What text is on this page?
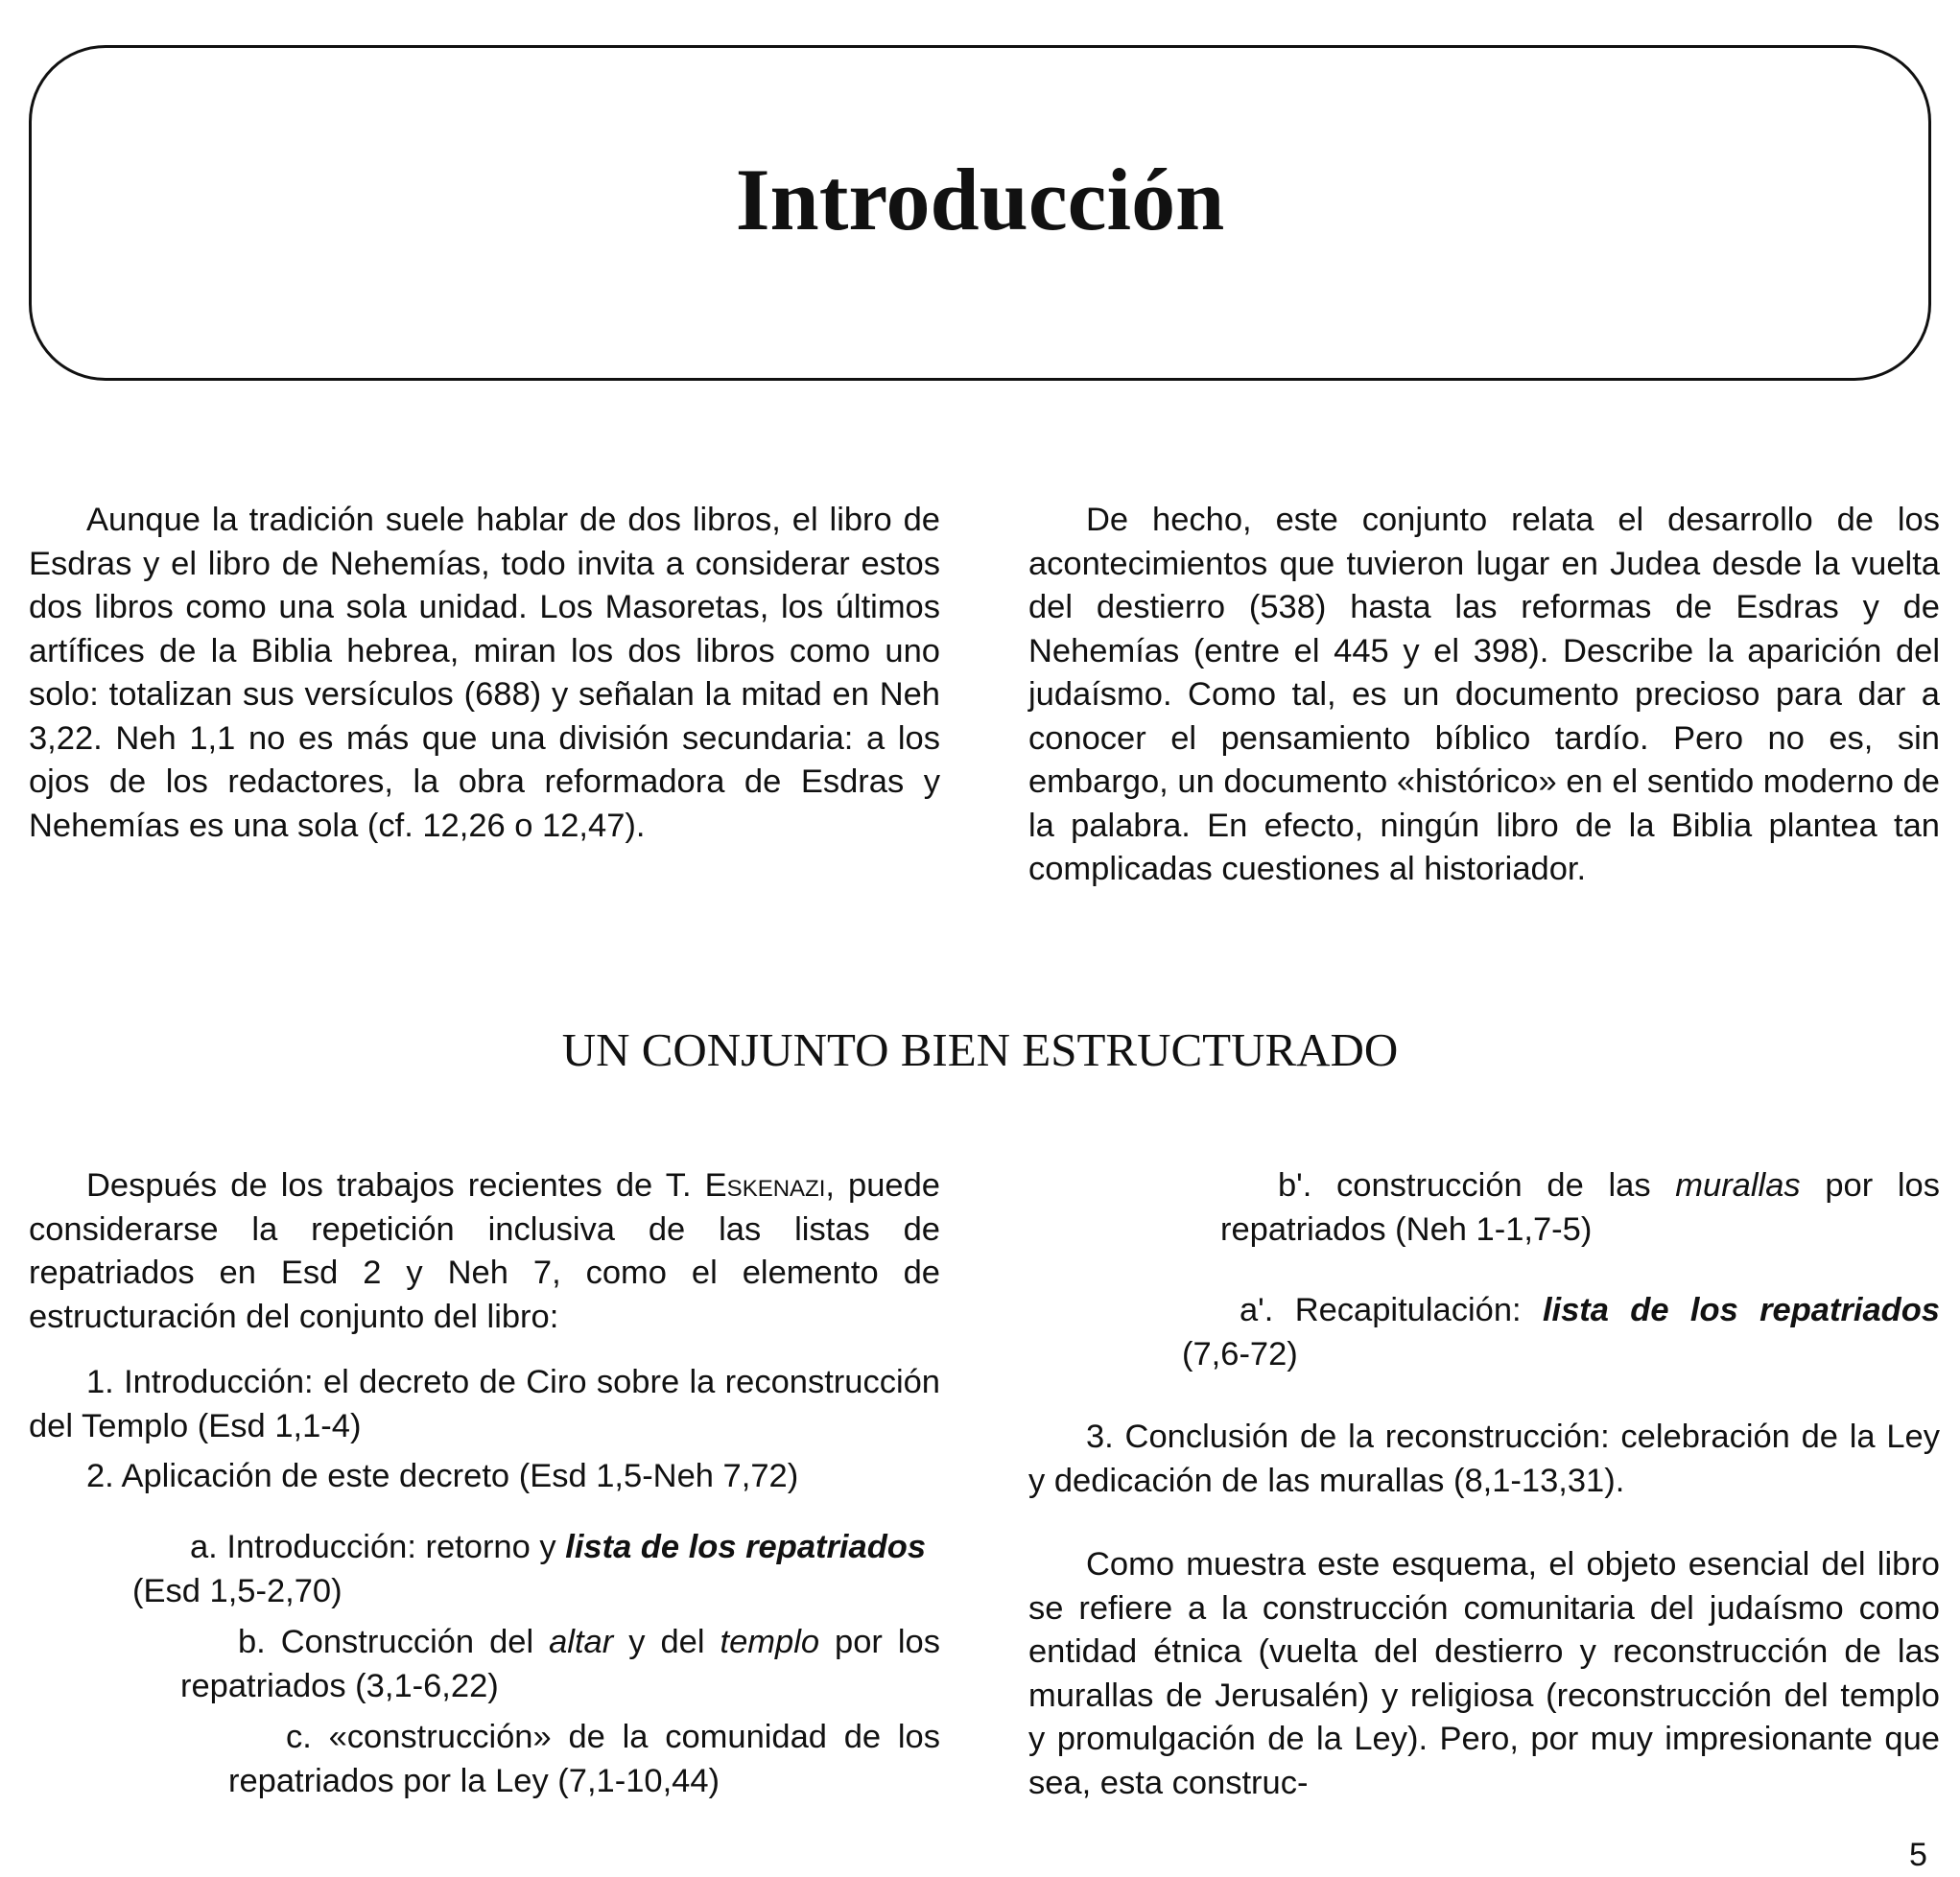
Introducción

Aunque la tradición suele hablar de dos libros, el libro de Esdras y el libro de Nehemías, todo invita a considerar estos dos libros como una sola unidad. Los Masoretas, los últimos artífices de la Biblia hebrea, miran los dos libros como uno solo: totalizan sus versículos (688) y señalan la mitad en Neh 3,22. Neh 1,1 no es más que una división secundaria: a los ojos de los redactores, la obra reformadora de Esdras y Nehemías es una sola (cf. 12,26 o 12,47).

De hecho, este conjunto relata el desarrollo de los acontecimientos que tuvieron lugar en Judea desde la vuelta del destierro (538) hasta las reformas de Esdras y de Nehemías (entre el 445 y el 398). Describe la aparición del judaísmo. Como tal, es un documento precioso para dar a conocer el pensamiento bíblico tardío. Pero no es, sin embargo, un documento «histórico» en el sentido moderno de la palabra. En efecto, ningún libro de la Biblia plantea tan complicadas cuestiones al historiador.

UN CONJUNTO BIEN ESTRUCTURADO

Después de los trabajos recientes de T. Eskenazi, puede considerarse la repetición inclusiva de las listas de repatriados en Esd 2 y Neh 7, como el elemento de estructuración del conjunto del libro:

1. Introducción: el decreto de Ciro sobre la reconstrucción del Templo (Esd 1,1-4)

2. Aplicación de este decreto (Esd 1,5-Neh 7,72)

a. Introducción: retorno y lista de los repatriados (Esd 1,5-2,70)

b. Construcción del altar y del templo por los repatriados (3,1-6,22)

c. «construcción» de la comunidad de los repatriados por la Ley (7,1-10,44)

b'. construcción de las murallas por los repatriados (Neh 1-1,7-5)

a'. Recapitulación: lista de los repatriados (7,6-72)

3. Conclusión de la reconstrucción: celebración de la Ley y dedicación de las murallas (8,1-13,31).

Como muestra este esquema, el objeto esencial del libro se refiere a la construcción comunitaria del judaísmo como entidad étnica (vuelta del destierro y reconstrucción de las murallas de Jerusalén) y religiosa (reconstrucción del templo y promulgación de la Ley). Pero, por muy impresionante que sea, esta construc-

5
